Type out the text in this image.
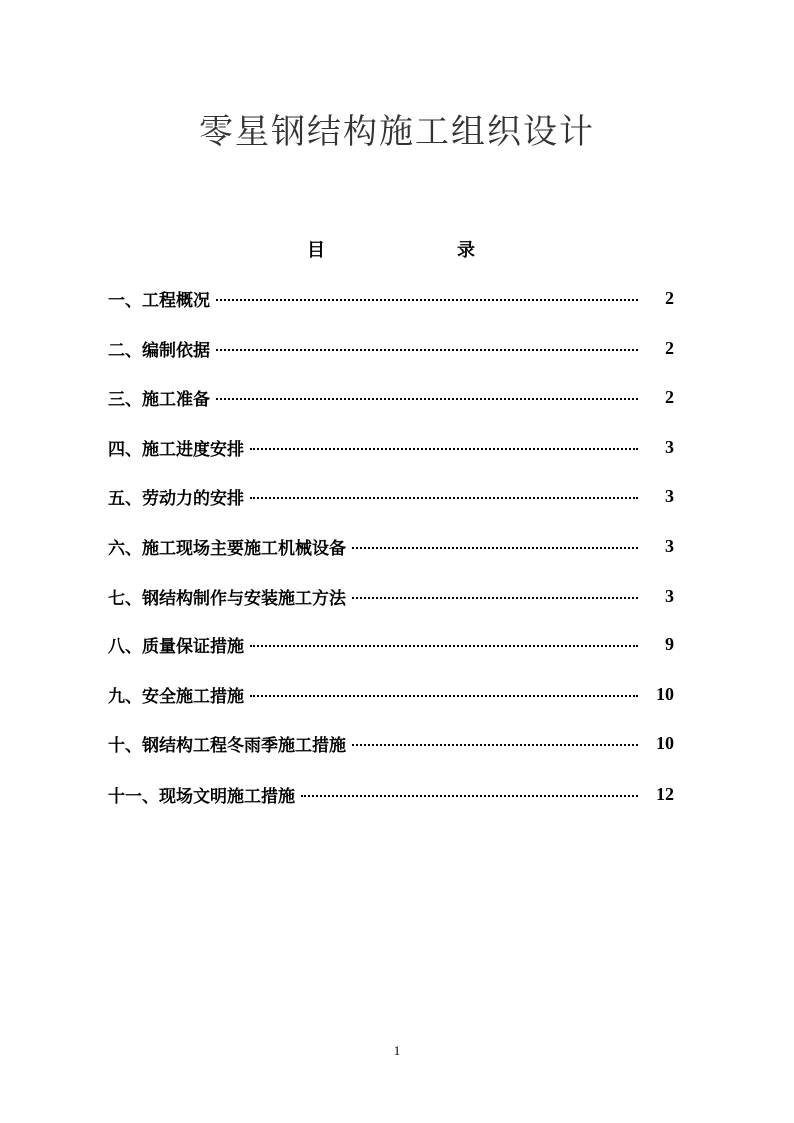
零星钢结构施工组织设计
目	录
一、工程概况	2
二、编制依据	2
三、施工准备	2
四、施工进度安排	3
五、劳动力的安排	3
六、施工现场主要施工机械设备	3
七、钢结构制作与安装施工方法	3
八、质量保证措施	9
九、安全施工措施	10
十、钢结构工程冬雨季施工措施	10
十一、现场文明施工措施	12
1
